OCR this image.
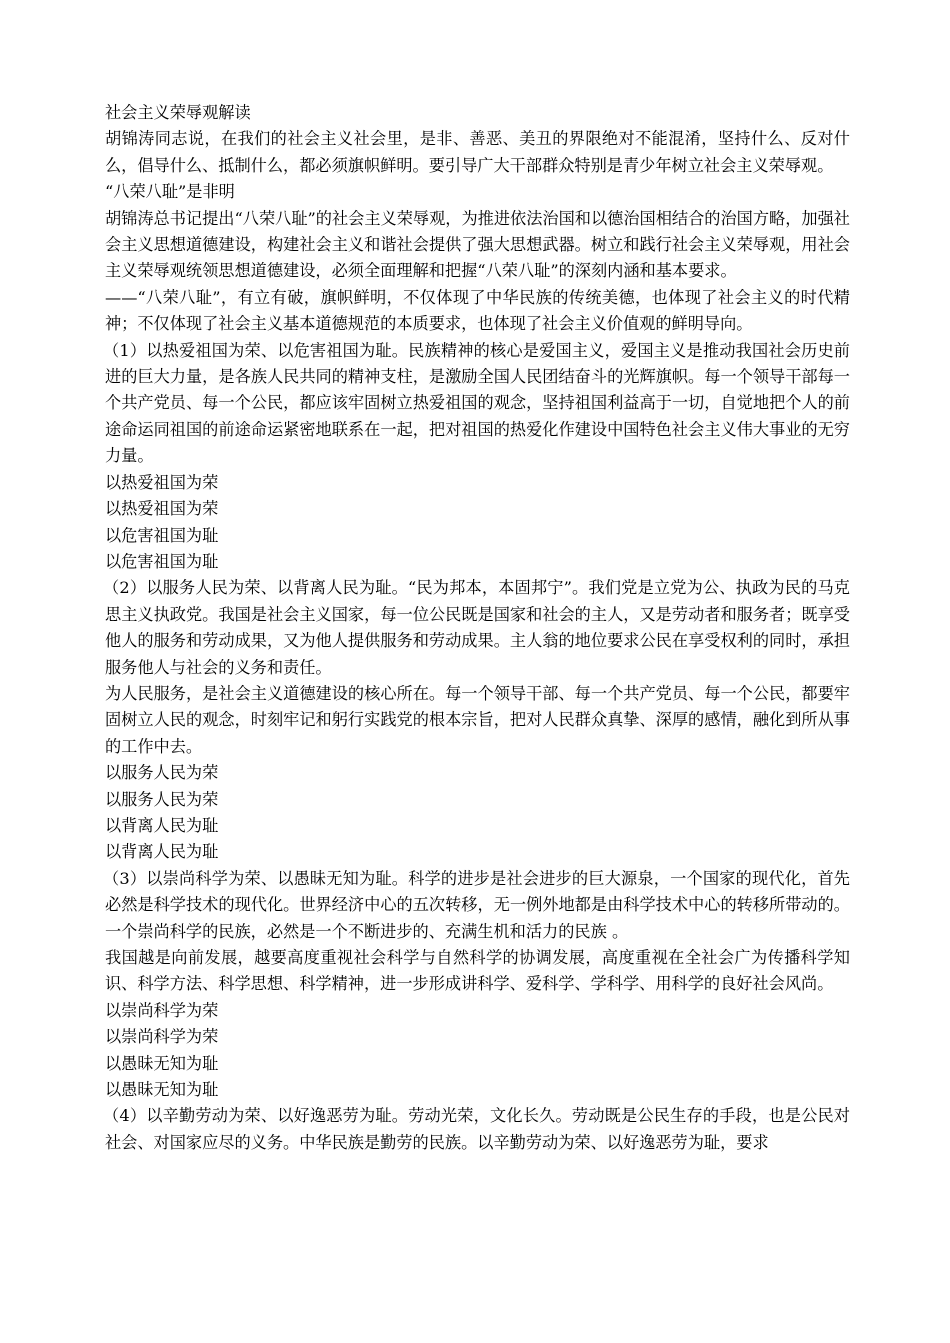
社会主义荣辱观解读

胡锦涛同志说，在我们的社会主义社会里，是非、善恶、美丑的界限绝对不能混淆，坚持什么、反对什么，倡导什么、抵制什么，都必须旗帜鲜明。要引导广大干部群众特别是青少年树立社会主义荣辱观。

“八荣八耻”是非明

胡锦涛总书记提出“八荣八耻”的社会主义荣辱观，为推进依法治国和以德治国相结合的治国方略，加强社会主义思想道德建设，构建社会主义和谐社会提供了强大思想武器。树立和践行社会主义荣辱观，用社会主义荣辱观统领思想道德建设，必须全面理解和把握“八荣八耻”的深刻内涵和基本要求。

——“八荣八耻”，有立有破，旗帜鲜明，不仅体现了中华民族的传统美德，也体现了社会主义的时代精神；不仅体现了社会主义基本道德规范的本质要求，也体现了社会主义价值观的鲜明导向。

（1）以热爱祖国为荣、以危害祖国为耻。民族精神的核心是爱国主义，爱国主义是推动我国社会历史前进的巨大力量，是各族人民共同的精神支柱，是激励全国人民团结奋斗的光辉旗帜。每一个领导干部每一个共产党员、每一个公民，都应该牢固树立热爱祖国的观念，坚持祖国利益高于一切，自觉地把个人的前途命运同祖国的前途命运紧密地联系在一起，把对祖国的热爱化作建设中国特色社会主义伟大事业的无穷力量。

以热爱祖国为荣

以热爱祖国为荣

以危害祖国为耻

以危害祖国为耻

（2）以服务人民为荣、以背离人民为耻。“民为邦本，本固邦宁”。我们党是立党为公、执政为民的马克思主义执政党。我国是社会主义国家，每一位公民既是国家和社会的主人，又是劳动者和服务者；既享受他人的服务和劳动成果，又为他人提供服务和劳动成果。主人翁的地位要求公民在享受权利的同时，承担服务他人与社会的义务和责任。

为人民服务，是社会主义道德建设的核心所在。每一个领导干部、每一个共产党员、每一个公民，都要牢固树立人民的观念，时刻牢记和躬行实践党的根本宗旨，把对人民群众真挚、深厚的感情，融化到所从事的工作中去。

以服务人民为荣

以服务人民为荣

以背离人民为耻

以背离人民为耻

（3）以崇尚科学为荣、以愚昧无知为耻。科学的进步是社会进步的巨大源泉，一个国家的现代化，首先必然是科学技术的现代化。世界经济中心的五次转移，无一例外地都是由科学技术中心的转移所带动的。一个崇尚科学的民族，必然是一个不断进步的、充满生机和活力的民族 。

我国越是向前发展，越要高度重视社会科学与自然科学的协调发展，高度重视在全社会广为传播科学知识、科学方法、科学思想、科学精神，进一步形成讲科学、爱科学、学科学、用科学的良好社会风尚。

以崇尚科学为荣

以崇尚科学为荣

以愚昧无知为耻

以愚昧无知为耻

（4）以辛勤劳动为荣、以好逸恶劳为耻。劳动光荣，文化长久。劳动既是公民生存的手段，也是公民对社会、对国家应尽的义务。中华民族是勤劳的民族。以辛勤劳动为荣、以好逸恶劳为耻，要求
